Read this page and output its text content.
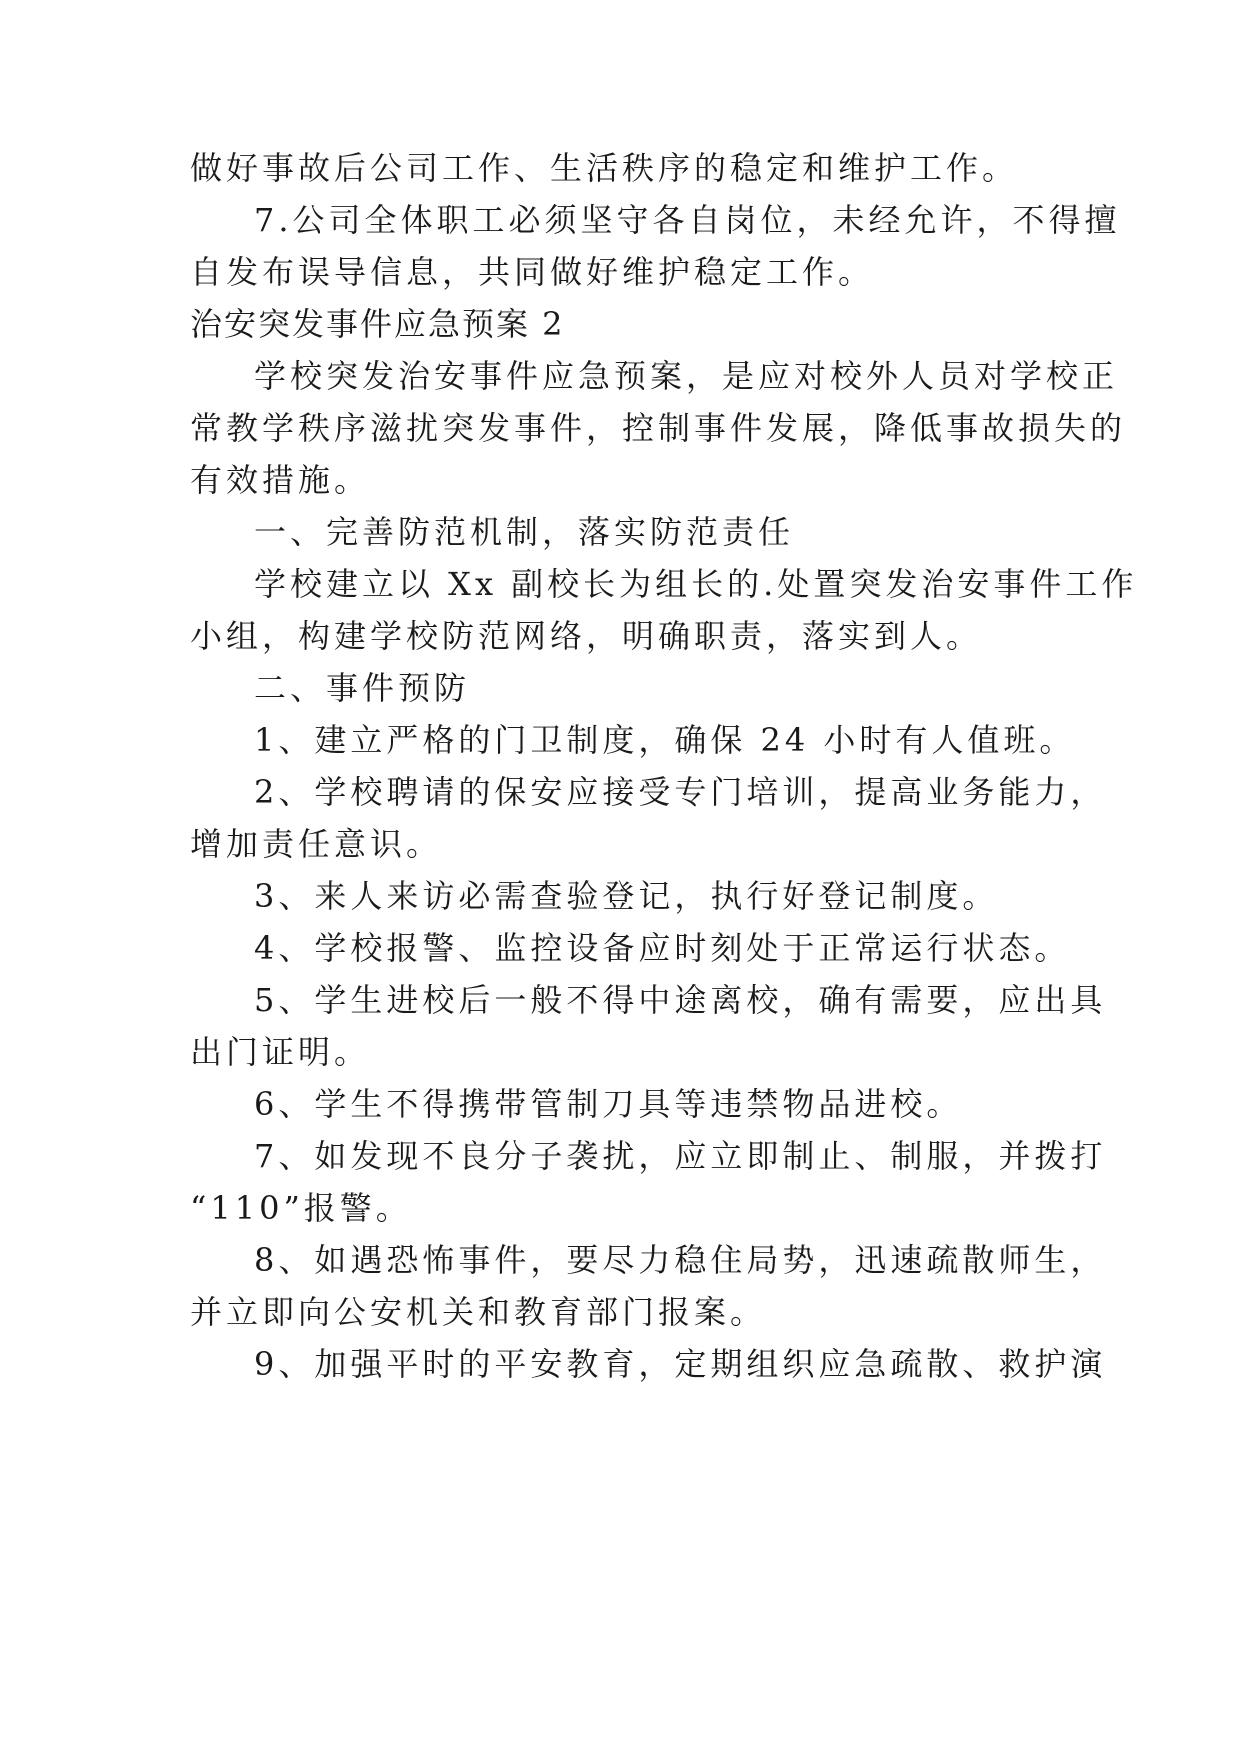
做好事故后公司工作、生活秩序的稳定和维护工作。
7.公司全体职工必须坚守各自岗位，未经允许，不得擅
自发布误导信息，共同做好维护稳定工作。
治安突发事件应急预案 2
学校突发治安事件应急预案，是应对校外人员对学校正
常教学秩序滋扰突发事件，控制事件发展，降低事故损失的
有效措施。
一、完善防范机制，落实防范责任
学校建立以 Xx 副校长为组长的.处置突发治安事件工作
小组，构建学校防范网络，明确职责，落实到人。
二、事件预防
1、建立严格的门卫制度，确保 24 小时有人值班。
2、学校聘请的保安应接受专门培训，提高业务能力，
增加责任意识。
3、来人来访必需查验登记，执行好登记制度。
4、学校报警、监控设备应时刻处于正常运行状态。
5、学生进校后一般不得中途离校，确有需要，应出具
出门证明。
6、学生不得携带管制刀具等违禁物品进校。
7、如发现不良分子袭扰，应立即制止、制服，并拨打
“110”报警。
8、如遇恐怖事件，要尽力稳住局势，迅速疏散师生，
并立即向公安机关和教育部门报案。
9、加强平时的平安教育，定期组织应急疏散、救护演
